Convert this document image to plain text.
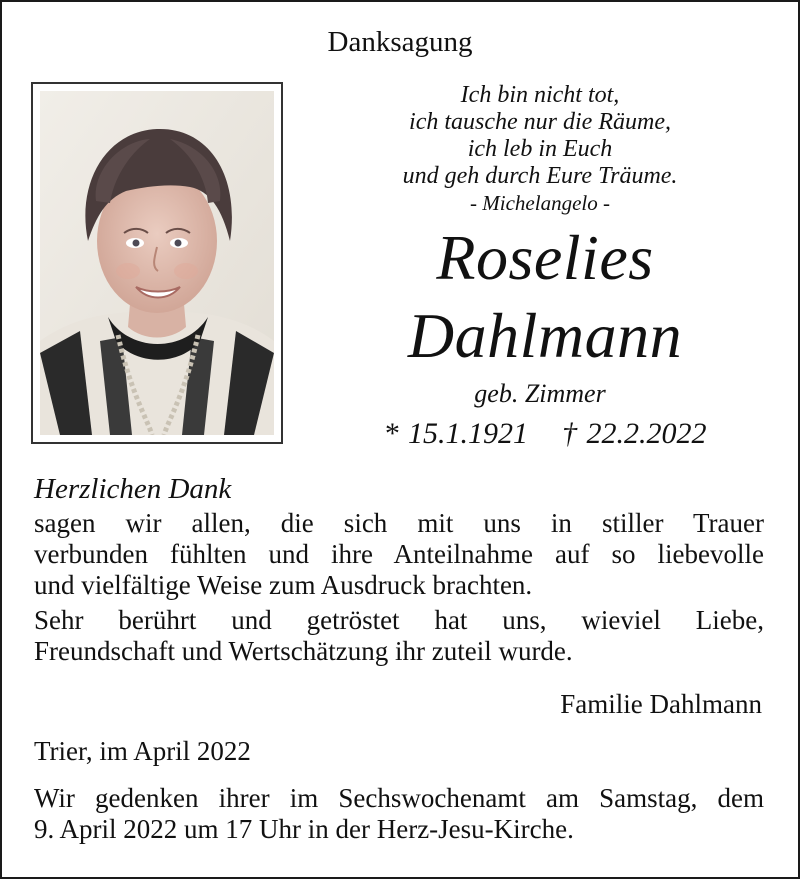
Danksagung
Ich bin nicht tot,
ich tausche nur die Räume,
ich leb in Euch
und geh durch Eure Träume.
- Michelangelo -
Roselies
Dahlmann
geb. Zimmer
* 15.1.1921 † 22.2.2022
Herzlichen Dank
sagen wir allen, die sich mit uns in stiller Trauer
verbunden fühlten und ihre Anteilnahme auf so liebevolle
und vielfältige Weise zum Ausdruck brachten.
Sehr berührt und getröstet hat uns, wieviel Liebe,
Freundschaft und Wertschätzung ihr zuteil wurde.
Familie Dahlmann
Trier, im April 2022
Wir gedenken ihrer im Sechswochenamt am Samstag, dem
9. April 2022 um 17 Uhr in der Herz-Jesu-Kirche.
